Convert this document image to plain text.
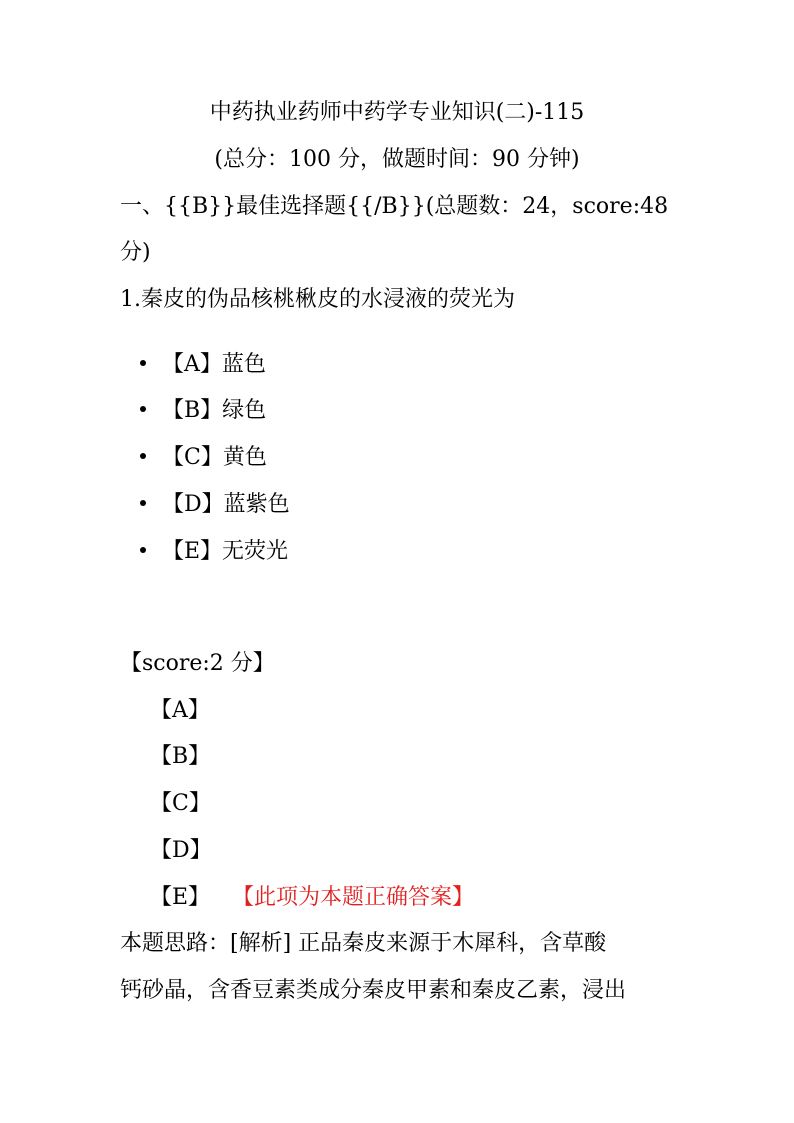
中药执业药师中药学专业知识(二)-115
(总分：100 分，做题时间：90 分钟)
一、{{B}}最佳选择题{{/B}}(总题数：24，score:48
分)
1.秦皮的伪品核桃楸皮的水浸液的荧光为
【A】蓝色
【B】绿色
【C】黄色
【D】蓝紫色
【E】无荧光
【score:2 分】
【A】
【B】
【C】
【D】
【E】 【此项为本题正确答案】
本题思路：[解析] 正品秦皮来源于木犀科，含草酸
钙砂晶，含香豆素类成分秦皮甲素和秦皮乙素，浸出
